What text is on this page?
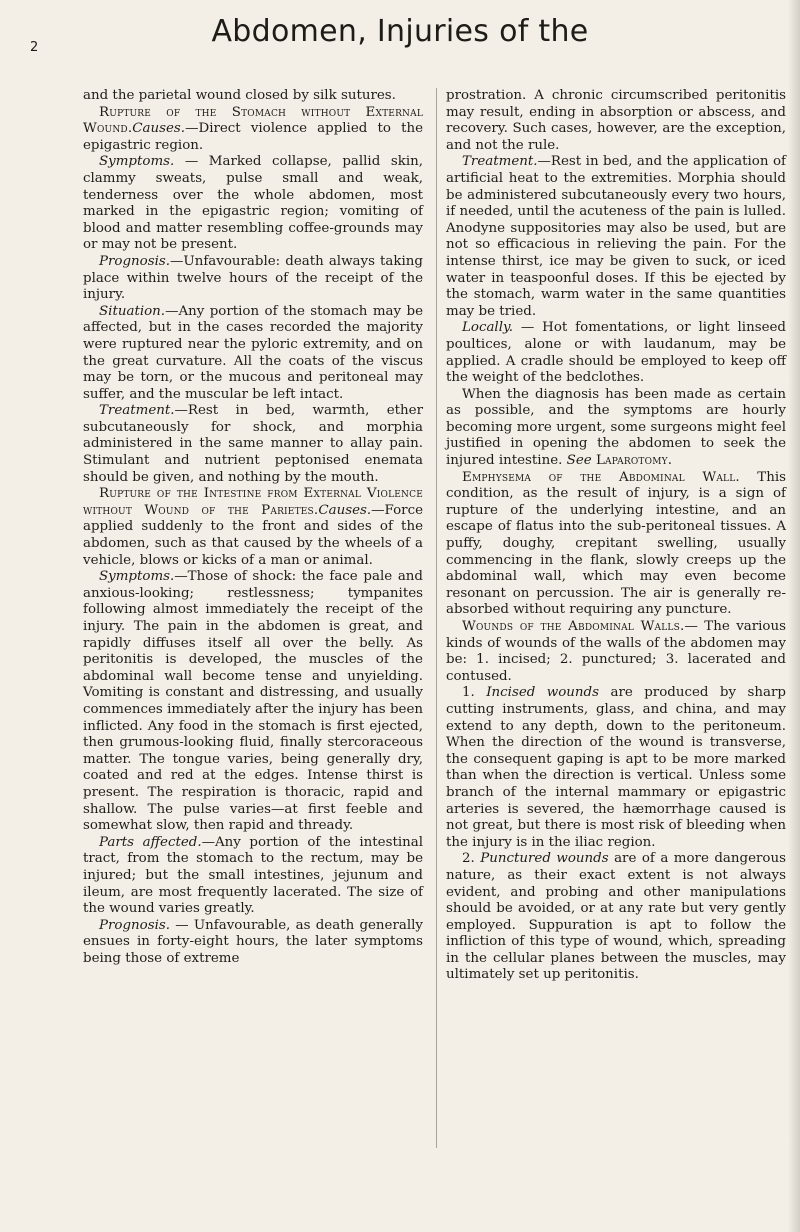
2	Abdomen, Injuries of the

and the parietal wound closed by silk sutures.

Rupture of the Stomach without External Wound.Causes.—Direct violence applied to the epigastric region.

Symptoms. — Marked collapse, pallid skin, clammy sweats, pulse small and weak, tenderness over the whole abdomen, most marked in the epigastric region; vomiting of blood and matter resembling coffee-grounds may or may not be present.

Prognosis.—Unfavourable: death always taking place within twelve hours of the receipt of the injury.

Situation.—Any portion of the stomach may be affected, but in the cases recorded the majority were ruptured near the pyloric extremity, and on the great curvature. All the coats of the viscus may be torn, or the mucous and peritoneal may suffer, and the muscular be left intact.

Treatment.—Rest in bed, warmth, ether subcutaneously for shock, and morphia administered in the same manner to allay pain. Stimulant and nutrient peptonised enemata should be given, and nothing by the mouth.

Rupture of the Intestine from External Violence without Wound of the Parietes.Causes.—Force applied suddenly to the front and sides of the abdomen, such as that caused by the wheels of a vehicle, blows or kicks of a man or animal.

Symptoms.—Those of shock: the face pale and anxious-looking; restlessness; tympanites following almost immediately the receipt of the injury. The pain in the abdomen is great, and rapidly diffuses itself all over the belly. As peritonitis is developed, the muscles of the abdominal wall become tense and unyielding. Vomiting is constant and distressing, and usually commences immediately after the injury has been inflicted. Any food in the stomach is first ejected, then grumous-looking fluid, finally stercoraceous matter. The tongue varies, being generally dry, coated and red at the edges. Intense thirst is present. The respiration is thoracic, rapid and shallow. The pulse varies—at first feeble and somewhat slow, then rapid and thready.

Parts affected.—Any portion of the intestinal tract, from the stomach to the rectum, may be injured; but the small intestines, jejunum and ileum, are most frequently lacerated. The size of the wound varies greatly.

Prognosis. — Unfavourable, as death generally ensues in forty-eight hours, the later symptoms being those of extreme

prostration. A chronic circumscribed peritonitis may result, ending in absorption or abscess, and recovery. Such cases, however, are the exception, and not the rule.

Treatment.—Rest in bed, and the application of artificial heat to the extremities. Morphia should be administered subcutaneously every two hours, if needed, until the acuteness of the pain is lulled. Anodyne suppositories may also be used, but are not so efficacious in relieving the pain. For the intense thirst, ice may be given to suck, or iced water in teaspoonful doses. If this be ejected by the stomach, warm water in the same quantities may be tried.

Locally. — Hot fomentations, or light linseed poultices, alone or with laudanum, may be applied. A cradle should be employed to keep off the weight of the bedclothes.

When the diagnosis has been made as certain as possible, and the symptoms are hourly becoming more urgent, some surgeons might feel justified in opening the abdomen to seek the injured intestine. See Laparotomy.

Emphysema of the Abdominal Wall. This condition, as the result of injury, is a sign of rupture of the underlying intestine, and an escape of flatus into the sub-peritoneal tissues. A puffy, doughy, crepitant swelling, usually commencing in the flank, slowly creeps up the abdominal wall, which may even become resonant on percussion. The air is generally re-absorbed without requiring any puncture.

Wounds of the Abdominal Walls.— The various kinds of wounds of the walls of the abdomen may be: 1. incised; 2. punctured; 3. lacerated and contused.

1. Incised wounds are produced by sharp cutting instruments, glass, and china, and may extend to any depth, down to the peritoneum. When the direction of the wound is transverse, the consequent gaping is apt to be more marked than when the direction is vertical. Unless some branch of the internal mammary or epigastric arteries is severed, the hæmorrhage caused is not great, but there is most risk of bleeding when the injury is in the iliac region.

2. Punctured wounds are of a more dangerous nature, as their exact extent is not always evident, and probing and other manipulations should be avoided, or at any rate but very gently employed. Suppuration is apt to follow the infliction of this type of wound, which, spreading in the cellular planes between the muscles, may ultimately set up peritonitis.
